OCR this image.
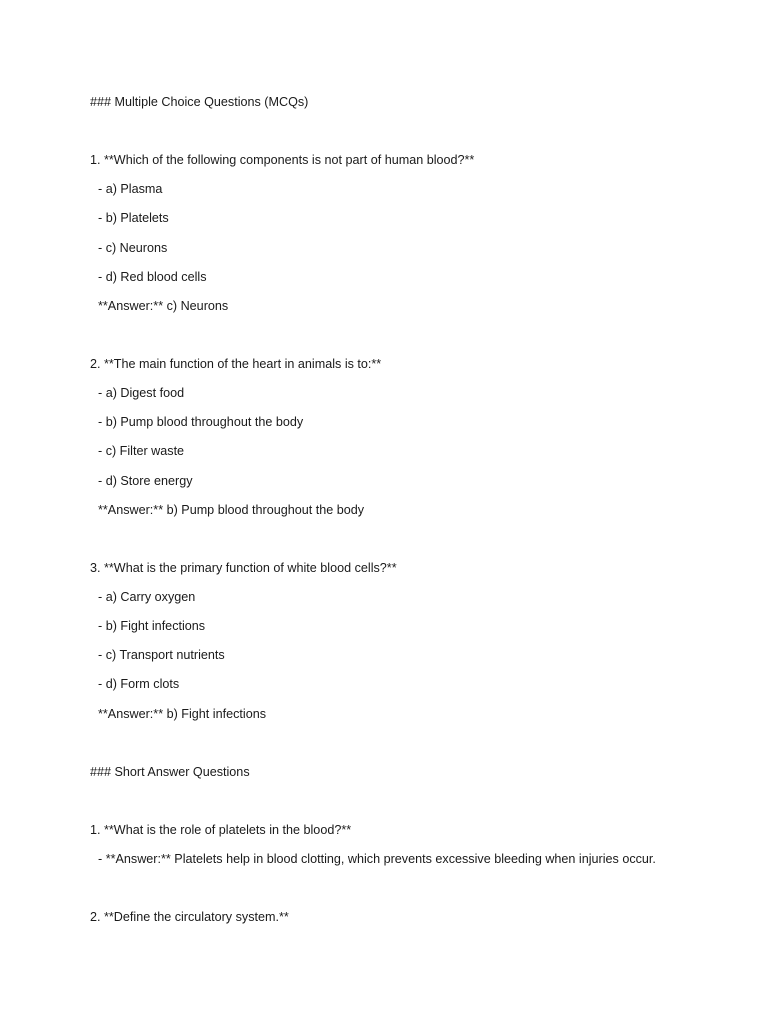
### Multiple Choice Questions (MCQs)
1. **Which of the following components is not part of human blood?**
- a) Plasma
- b) Platelets
- c) Neurons
- d) Red blood cells
**Answer:** c) Neurons
2. **The main function of the heart in animals is to:**
- a) Digest food
- b) Pump blood throughout the body
- c) Filter waste
- d) Store energy
**Answer:** b) Pump blood throughout the body
3. **What is the primary function of white blood cells?**
- a) Carry oxygen
- b) Fight infections
- c) Transport nutrients
- d) Form clots
**Answer:** b) Fight infections
### Short Answer Questions
1. **What is the role of platelets in the blood?**
- **Answer:** Platelets help in blood clotting, which prevents excessive bleeding when injuries occur.
2. **Define the circulatory system.**
